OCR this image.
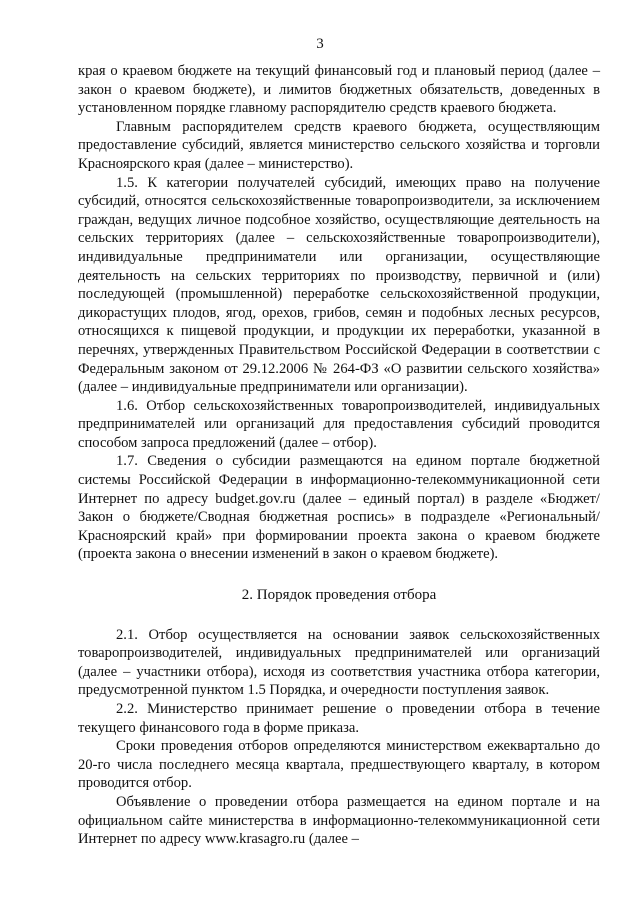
3

края о краевом бюджете на текущий финансовый год и плановый период (далее – закон о краевом бюджете), и лимитов бюджетных обязательств, доведенных в установленном порядке главному распорядителю средств краевого бюджета.

Главным распорядителем средств краевого бюджета, осуществляющим предоставление субсидий, является министерство сельского хозяйства и торговли Красноярского края (далее – министерство).

1.5. К категории получателей субсидий, имеющих право на получение субсидий, относятся сельскохозяйственные товаропроизводители, за исключением граждан, ведущих личное подсобное хозяйство, осуществляющие деятельность на сельских территориях (далее – сельскохозяйственные товаропроизводители), индивидуальные предприниматели или организации, осуществляющие деятельность на сельских территориях по производству, первичной и (или) последующей (промышленной) переработке сельскохозяйственной продукции, дикорастущих плодов, ягод, орехов, грибов, семян и подобных лесных ресурсов, относящихся к пищевой продукции, и продукции их переработки, указанной в перечнях, утвержденных Правительством Российской Федерации в соответствии с Федеральным законом от 29.12.2006 № 264-ФЗ «О развитии сельского хозяйства» (далее – индивидуальные предприниматели или организации).

1.6. Отбор сельскохозяйственных товаропроизводителей, индивидуальных предпринимателей или организаций для предоставления субсидий проводится способом запроса предложений (далее – отбор).

1.7. Сведения о субсидии размещаются на едином портале бюджетной системы Российской Федерации в информационно-телекоммуникационной сети Интернет по адресу budget.gov.ru (далее – единый портал) в разделе «Бюджет/Закон о бюджете/Сводная бюджетная роспись» в подразделе «Региональный/Красноярский край» при формировании проекта закона о краевом бюджете (проекта закона о внесении изменений в закон о краевом бюджете).

2. Порядок проведения отбора

2.1. Отбор осуществляется на основании заявок сельскохозяйственных товаропроизводителей, индивидуальных предпринимателей или организаций (далее – участники отбора), исходя из соответствия участника отбора категории, предусмотренной пунктом 1.5 Порядка, и очередности поступления заявок.

2.2. Министерство принимает решение о проведении отбора в течение текущего финансового года в форме приказа.

Сроки проведения отборов определяются министерством ежеквартально до 20-го числа последнего месяца квартала, предшествующего кварталу, в котором проводится отбор.

Объявление о проведении отбора размещается на едином портале и на официальном сайте министерства в информационно-телекоммуникационной сети Интернет по адресу www.krasagro.ru (далее –
